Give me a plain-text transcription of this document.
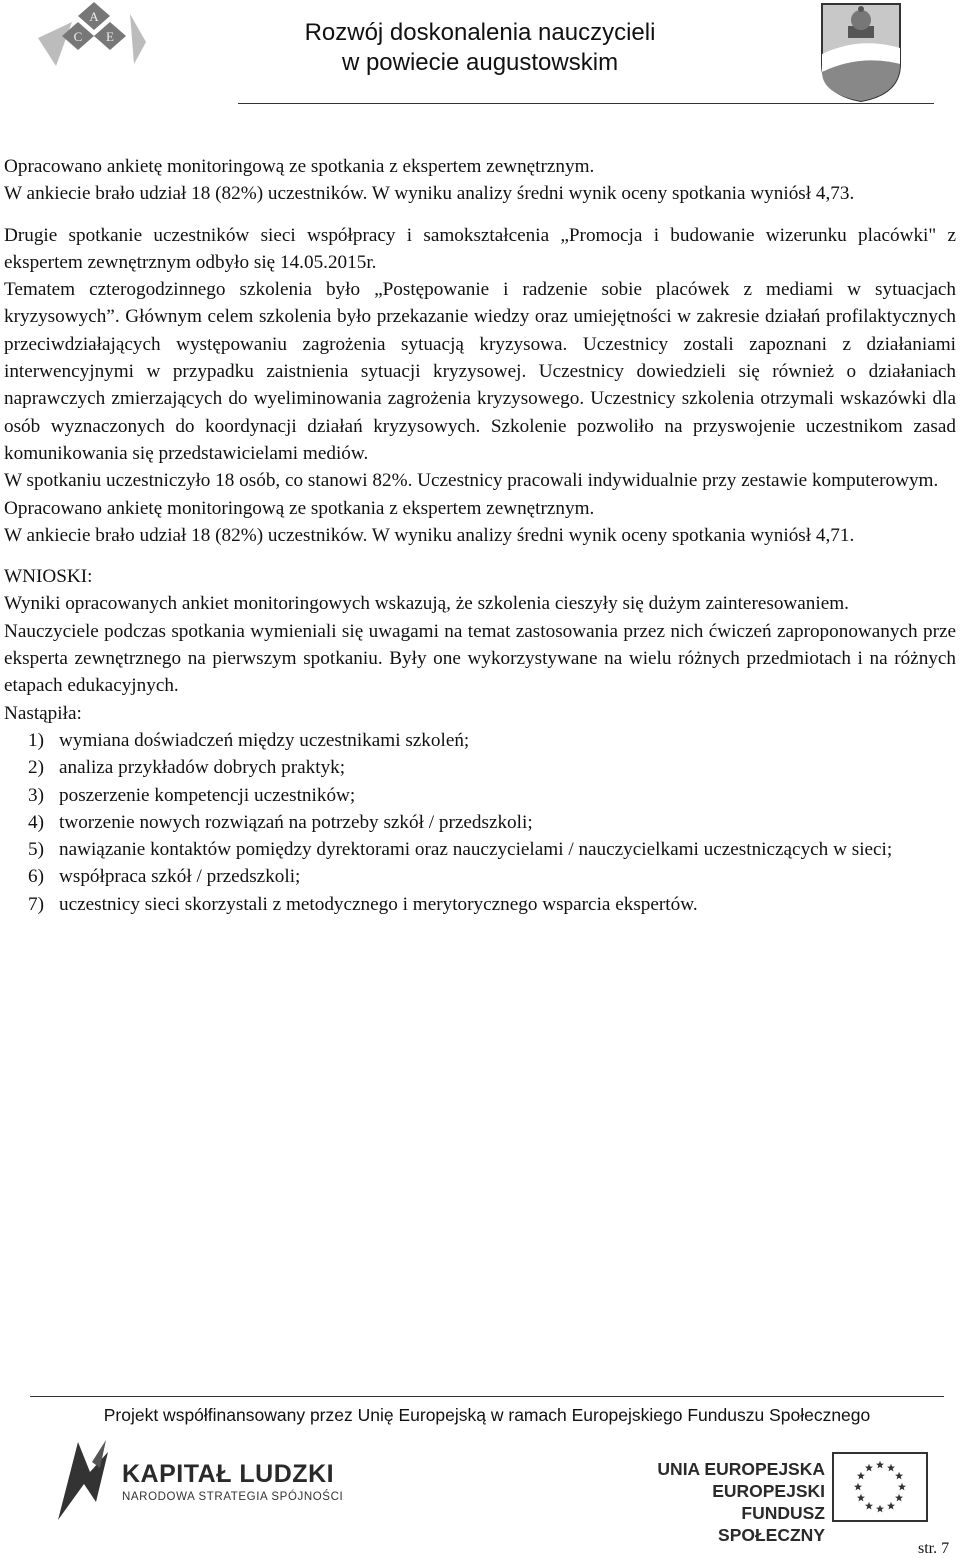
A
C E	Rozwój doskonalenia nauczycieli
w powiecie augustowskim

Opracowano ankietę monitoringową ze spotkania z ekspertem zewnętrznym.

W ankiecie brało udział 18 (82%) uczestników. W wyniku analizy średni wynik oceny spotkania wyniósł 4,73.

Drugie spotkanie uczestników sieci współpracy i samokształcenia „Promocja i budowanie wizerunku placówki" z ekspertem zewnętrznym odbyło się 14.05.2015r.

Tematem czterogodzinnego szkolenia było „Postępowanie i radzenie sobie placówek z mediami w sytuacjach kryzysowych”. Głównym celem szkolenia było przekazanie wiedzy oraz umiejętności w zakresie działań profilaktycznych przeciwdziałających występowaniu zagrożenia sytuacją kryzysowa. Uczestnicy zostali zapoznani z działaniami interwencyjnymi w przypadku zaistnienia sytuacji kryzysowej. Uczestnicy dowiedzieli się również o działaniach naprawczych zmierzających do wyeliminowania zagrożenia kryzysowego. Uczestnicy szkolenia otrzymali wskazówki dla osób wyznaczonych do koordynacji działań kryzysowych. Szkolenie pozwoliło na przyswojenie uczestnikom zasad komunikowania się przedstawicielami mediów.

W spotkaniu uczestniczyło 18 osób, co stanowi 82%. Uczestnicy pracowali indywidualnie przy zestawie komputerowym.

Opracowano ankietę monitoringową ze spotkania z ekspertem zewnętrznym.

W ankiecie brało udział 18 (82%) uczestników. W wyniku analizy średni wynik oceny spotkania wyniósł 4,71.

WNIOSKI:

Wyniki opracowanych ankiet monitoringowych wskazują, że szkolenia cieszyły się dużym zainteresowaniem.

Nauczyciele podczas spotkania wymieniali się uwagami na temat zastosowania przez nich ćwiczeń zaproponowanych prze eksperta zewnętrznego na pierwszym spotkaniu. Były one wykorzystywane na wielu różnych przedmiotach i na różnych etapach edukacyjnych.

Nastąpiła:

1) wymiana doświadczeń między uczestnikami szkoleń;
2) analiza przykładów dobrych praktyk;
3) poszerzenie kompetencji uczestników;
4) tworzenie nowych rozwiązań na potrzeby szkół / przedszkoli;
5) nawiązanie kontaktów pomiędzy dyrektorami oraz nauczycielami / nauczycielkami uczestniczących w sieci;
6) współpraca szkół / przedszkoli;
7) uczestnicy sieci skorzystali z metodycznego i merytorycznego wsparcia ekspertów.
Projekt współfinansowany przez Unię Europejską w ramach Europejskiego Funduszu Społecznego
KAPITAŁ LUDZKI
NARODOWA STRATEGIA SPÓJNOŚCI
UNIA EUROPEJSKA
EUROPEJSKI
FUNDUSZ SPOŁECZNY
str. 7
